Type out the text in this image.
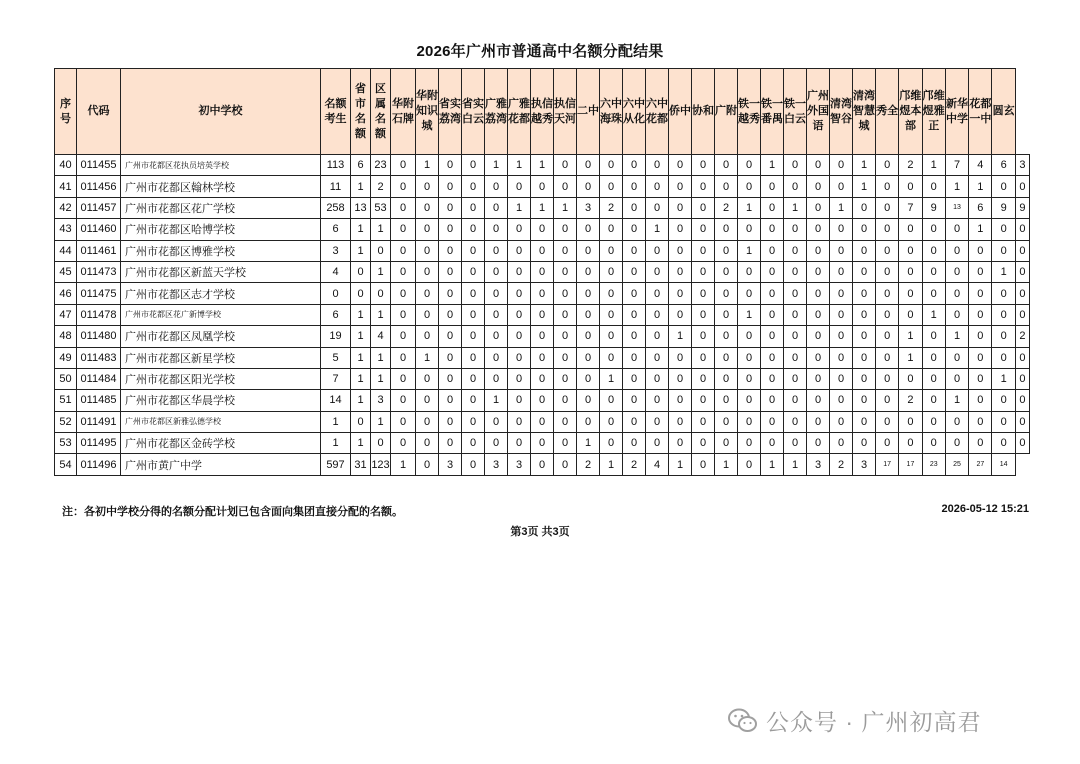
2026年广州市普通高中名额分配结果
序号	代码	初中学校	名额考生	省市名额	区属名额	华附石牌	华附知识城	省实荔湾	省实白云	广雅荔湾	广雅花都	执信越秀	执信天河	二中	六中海珠	六中从化	六中花都	侨中	协和	广附	铁一越秀	铁一番禺	铁一白云	广州外国语	清湾智谷	清湾智慧城	秀全	邝维煜本部	邝维煜雅正	新华中学	花都一中	圆玄	
40	011455	广州市花都区花执员培英学校	113	6	23	0	1	0	0	1	1	1	0	0	0	0	0	0	0	0	0	1	0	0	0	1	0	2	1	7	4	6	3
41	011456	广州市花都区翰林学校	11	1	2	0	0	0	0	0	0	0	0	0	0	0	0	0	0	0	0	0	0	0	0	1	0	0	0	1	1	0	0
42	011457	广州市花都区花广学校	258	13	53	0	0	0	0	0	1	1	1	3	2	0	0	0	0	2	1	0	1	0	1	0	0	7	9	13	6	9	9
43	011460	广州市花都区哈博学校	6	1	1	0	0	0	0	0	0	0	0	0	0	0	1	0	0	0	0	0	0	0	0	0	0	0	0	0	1	0	0
44	011461	广州市花都区博雅学校	3	1	0	0	0	0	0	0	0	0	0	0	0	0	0	0	0	0	1	0	0	0	0	0	0	0	0	0	0	0	0
45	011473	广州市花都区新蓝天学校	4	0	1	0	0	0	0	0	0	0	0	0	0	0	0	0	0	0	0	0	0	0	0	0	0	0	0	0	0	1	0
46	011475	广州市花都区志才学校	0	0	0	0	0	0	0	0	0	0	0	0	0	0	0	0	0	0	0	0	0	0	0	0	0	0	0	0	0	0	0
47	011478	广州市花都区花广新博学校	6	1	1	0	0	0	0	0	0	0	0	0	0	0	0	0	0	0	1	0	0	0	0	0	0	0	1	0	0	0	0
48	011480	广州市花都区凤凰学校	19	1	4	0	0	0	0	0	0	0	0	0	0	0	0	1	0	0	0	0	0	0	0	0	0	1	0	1	0	0	2
49	011483	广州市花都区新星学校	5	1	1	0	1	0	0	0	0	0	0	0	0	0	0	0	0	0	0	0	0	0	0	0	0	1	0	0	0	0	0
50	011484	广州市花都区阳光学校	7	1	1	0	0	0	0	0	0	0	0	0	1	0	0	0	0	0	0	0	0	0	0	0	0	0	0	0	0	1	0
51	011485	广州市花都区华晨学校	14	1	3	0	0	0	0	1	0	0	0	0	0	0	0	0	0	0	0	0	0	0	0	0	0	2	0	1	0	0	0
52	011491	广州市花都区新雅弘德学校	1	0	1	0	0	0	0	0	0	0	0	0	0	0	0	0	0	0	0	0	0	0	0	0	0	0	0	0	0	0	0
53	011495	广州市花都区金砖学校	1	1	0	0	0	0	0	0	0	0	0	1	0	0	0	0	0	0	0	0	0	0	0	0	0	0	0	0	0	0	0
54	011496	广州市黄广中学	597	31	123	1	0	3	0	3	3	0	0	2	1	2	4	1	0	1	0	1	1	3	2	3	17	17	23	25	27	14	
注：各初中学校分得的名额分配计划已包含面向集团直接分配的名额。	2026-05-12 15:21
第3页 共3页
公众号 · 广州初高君
